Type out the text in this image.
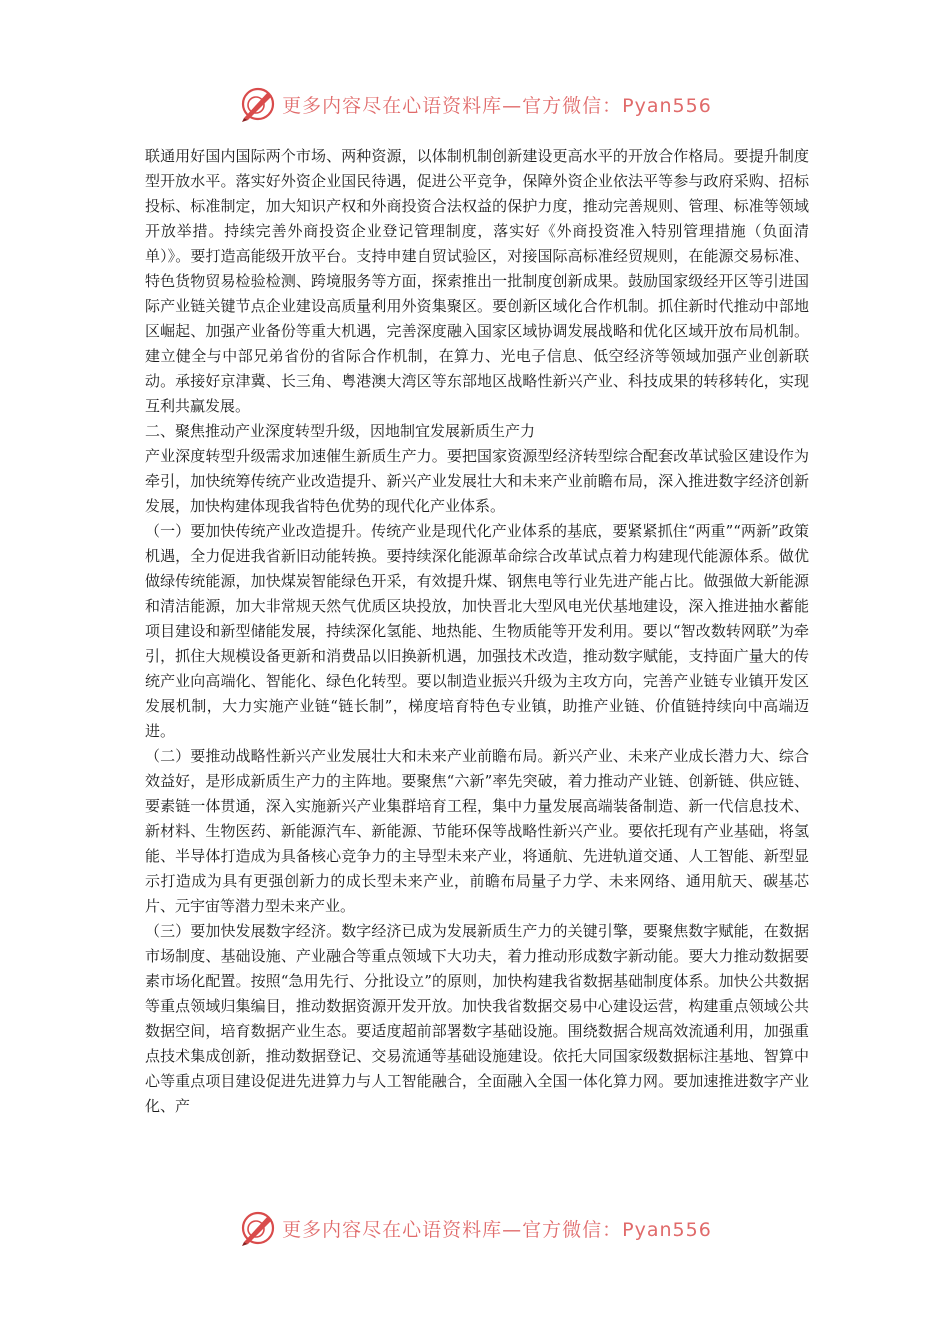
更多内容尽在心语资料库—官方微信：Pyan556

联通用好国内国际两个市场、两种资源，以体制机制创新建设更高水平的开放合作格局。要提升制度型开放水平。落实好外资企业国民待遇，促进公平竞争，保障外资企业依法平等参与政府采购、招标投标、标准制定，加大知识产权和外商投资合法权益的保护力度，推动完善规则、管理、标准等领域开放举措。持续完善外商投资企业登记管理制度，落实好《外商投资准入特别管理措施（负面清单）》。要打造高能级开放平台。支持申建自贸试验区，对接国际高标准经贸规则，在能源交易标准、特色货物贸易检验检测、跨境服务等方面，探索推出一批制度创新成果。鼓励国家级经开区等引进国际产业链关键节点企业建设高质量利用外资集聚区。要创新区域化合作机制。抓住新时代推动中部地区崛起、加强产业备份等重大机遇，完善深度融入国家区域协调发展战略和优化区域开放布局机制。建立健全与中部兄弟省份的省际合作机制，在算力、光电子信息、低空经济等领域加强产业创新联动。承接好京津冀、长三角、粤港澳大湾区等东部地区战略性新兴产业、科技成果的转移转化，实现互利共赢发展。

二、聚焦推动产业深度转型升级，因地制宜发展新质生产力

产业深度转型升级需求加速催生新质生产力。要把国家资源型经济转型综合配套改革试验区建设作为牵引，加快统筹传统产业改造提升、新兴产业发展壮大和未来产业前瞻布局，深入推进数字经济创新发展，加快构建体现我省特色优势的现代化产业体系。

（一）要加快传统产业改造提升。传统产业是现代化产业体系的基底，要紧紧抓住“两重”“两新”政策机遇，全力促进我省新旧动能转换。要持续深化能源革命综合改革试点着力构建现代能源体系。做优做绿传统能源，加快煤炭智能绿色开采，有效提升煤、钢焦电等行业先进产能占比。做强做大新能源和清洁能源，加大非常规天然气优质区块投放，加快晋北大型风电光伏基地建设，深入推进抽水蓄能项目建设和新型储能发展，持续深化氢能、地热能、生物质能等开发利用。要以“智改数转网联”为牵引，抓住大规模设备更新和消费品以旧换新机遇，加强技术改造，推动数字赋能，支持面广量大的传统产业向高端化、智能化、绿色化转型。要以制造业振兴升级为主攻方向，完善产业链专业镇开发区发展机制，大力实施产业链“链长制”，梯度培育特色专业镇，助推产业链、价值链持续向中高端迈进。

（二）要推动战略性新兴产业发展壮大和未来产业前瞻布局。新兴产业、未来产业成长潜力大、综合效益好，是形成新质生产力的主阵地。要聚焦“六新”率先突破，着力推动产业链、创新链、供应链、要素链一体贯通，深入实施新兴产业集群培育工程，集中力量发展高端装备制造、新一代信息技术、新材料、生物医药、新能源汽车、新能源、节能环保等战略性新兴产业。要依托现有产业基础，将氢能、半导体打造成为具备核心竞争力的主导型未来产业，将通航、先进轨道交通、人工智能、新型显示打造成为具有更强创新力的成长型未来产业，前瞻布局量子力学、未来网络、通用航天、碳基芯片、元宇宙等潜力型未来产业。

（三）要加快发展数字经济。数字经济已成为发展新质生产力的关键引擎，要聚焦数字赋能，在数据市场制度、基础设施、产业融合等重点领域下大功夫，着力推动形成数字新动能。要大力推动数据要素市场化配置。按照“急用先行、分批设立”的原则，加快构建我省数据基础制度体系。加快公共数据等重点领域归集编目，推动数据资源开发开放。加快我省数据交易中心建设运营，构建重点领域公共数据空间，培育数据产业生态。要适度超前部署数字基础设施。围绕数据合规高效流通利用，加强重点技术集成创新，推动数据登记、交易流通等基础设施建设。依托大同国家级数据标注基地、智算中心等重点项目建设促进先进算力与人工智能融合，全面融入全国一体化算力网。要加速推进数字产业化、产

更多内容尽在心语资料库—官方微信：Pyan556
